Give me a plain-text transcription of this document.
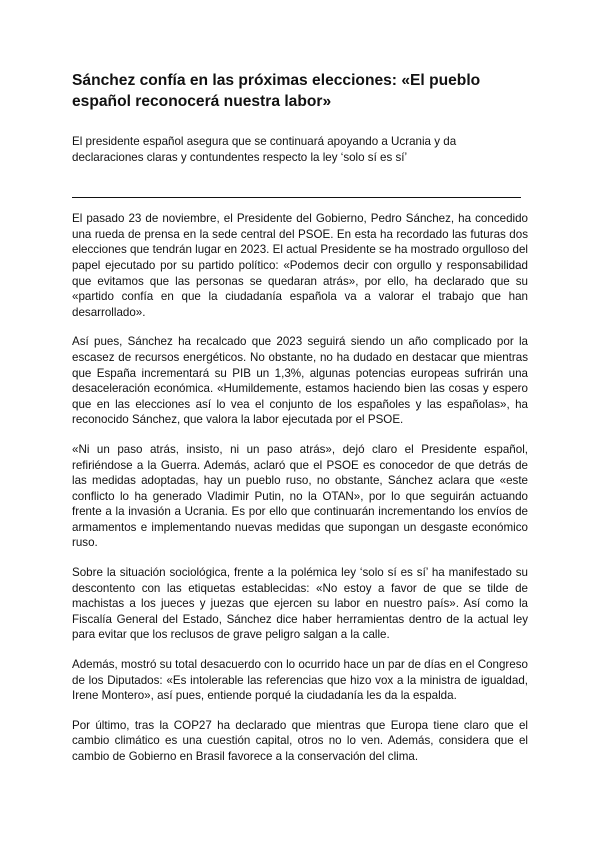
Sánchez confía en las próximas elecciones: «El pueblo español reconocerá nuestra labor»

El presidente español asegura que se continuará apoyando a Ucrania y da declaraciones claras y contundentes respecto la ley ‘solo sí es sí’

El pasado 23 de noviembre, el Presidente del Gobierno, Pedro Sánchez, ha concedido una rueda de prensa en la sede central del PSOE. En esta ha recordado las futuras dos elecciones que tendrán lugar en 2023. El actual Presidente se ha mostrado orgulloso del papel ejecutado por su partido político: «Podemos decir con orgullo y responsabilidad que evitamos que las personas se quedaran atrás», por ello, ha declarado que su «partido confía en que la ciudadanía española va a valorar el trabajo que han desarrollado».

Así pues, Sánchez ha recalcado que 2023 seguirá siendo un año complicado por la escasez de recursos energéticos. No obstante, no ha dudado en destacar que mientras que España incrementará su PIB un 1,3%, algunas potencias europeas sufrirán una desaceleración económica. «Humildemente, estamos haciendo bien las cosas y espero que en las elecciones así lo vea el conjunto de los españoles y las españolas», ha reconocido Sánchez, que valora la labor ejecutada por el PSOE.

«Ni un paso atrás, insisto, ni un paso atrás», dejó claro el Presidente español, refiriéndose a la Guerra. Además, aclaró que el PSOE es conocedor de que detrás de las medidas adoptadas, hay un pueblo ruso, no obstante, Sánchez aclara que «este conflicto lo ha generado Vladimir Putin, no la OTAN», por lo que seguirán actuando frente a la invasión a Ucrania. Es por ello que continuarán incrementando los envíos de armamentos e implementando nuevas medidas que supongan un desgaste económico ruso.

Sobre la situación sociológica, frente a la polémica ley ‘solo sí es sí’ ha manifestado su descontento con las etiquetas establecidas: «No estoy a favor de que se tilde de machistas a los jueces y juezas que ejercen su labor en nuestro país». Así como la Fiscalía General del Estado, Sánchez dice haber herramientas dentro de la actual ley para evitar que los reclusos de grave peligro salgan a la calle.

Además, mostró su total desacuerdo con lo ocurrido hace un par de días en el Congreso de los Diputados: «Es intolerable las referencias que hizo vox a la ministra de igualdad, Irene Montero», así pues, entiende porqué la ciudadanía les da la espalda.

Por último, tras la COP27 ha declarado que mientras que Europa tiene claro que el cambio climático es una cuestión capital, otros no lo ven. Además, considera que el cambio de Gobierno en Brasil favorece a la conservación del clima.
